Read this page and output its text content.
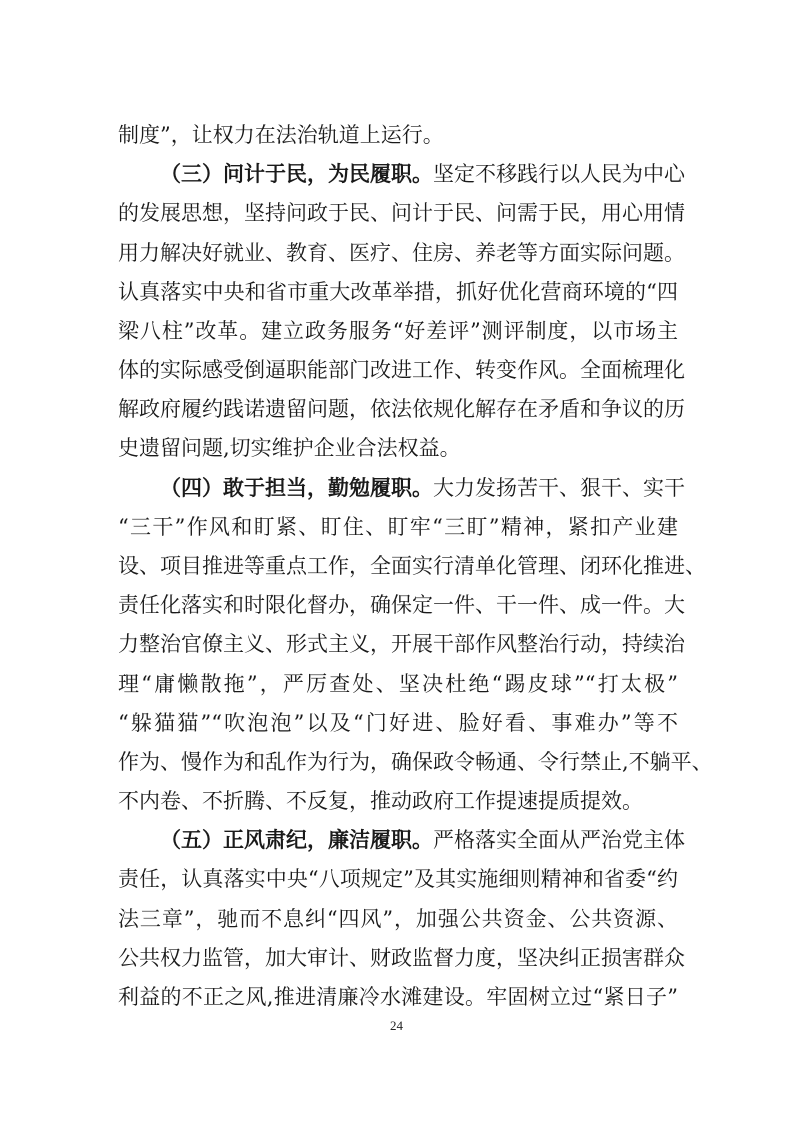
制度”，让权力在法治轨道上运行。
（三）问计于民，为民履职。坚定不移践行以人民为中心
的发展思想，坚持问政于民、问计于民、问需于民，用心用情
用力解决好就业、教育、医疗、住房、养老等方面实际问题。
认真落实中央和省市重大改革举措，抓好优化营商环境的“四
梁八柱”改革。建立政务服务“好差评”测评制度，以市场主
体的实际感受倒逼职能部门改进工作、转变作风。全面梳理化
解政府履约践诺遗留问题，依法依规化解存在矛盾和争议的历
史遗留问题,切实维护企业合法权益。
（四）敢于担当，勤勉履职。大力发扬苦干、狠干、实干
“三干”作风和盯紧、盯住、盯牢“三盯”精神，紧扣产业建
设、项目推进等重点工作，全面实行清单化管理、闭环化推进、
责任化落实和时限化督办，确保定一件、干一件、成一件。大
力整治官僚主义、形式主义，开展干部作风整治行动，持续治
理“庸懒散拖”，严厉查处、坚决杜绝“踢皮球”“打太极”
“躲猫猫”“吹泡泡”以及“门好进、脸好看、事难办”等不
作为、慢作为和乱作为行为，确保政令畅通、令行禁止,不躺平、
不内卷、不折腾、不反复，推动政府工作提速提质提效。
（五）正风肃纪，廉洁履职。严格落实全面从严治党主体
责任，认真落实中央“八项规定”及其实施细则精神和省委“约
法三章”，驰而不息纠“四风”，加强公共资金、公共资源、
公共权力监管，加大审计、财政监督力度，坚决纠正损害群众
利益的不正之风,推进清廉冷水滩建设。牢固树立过“紧日子”
24
